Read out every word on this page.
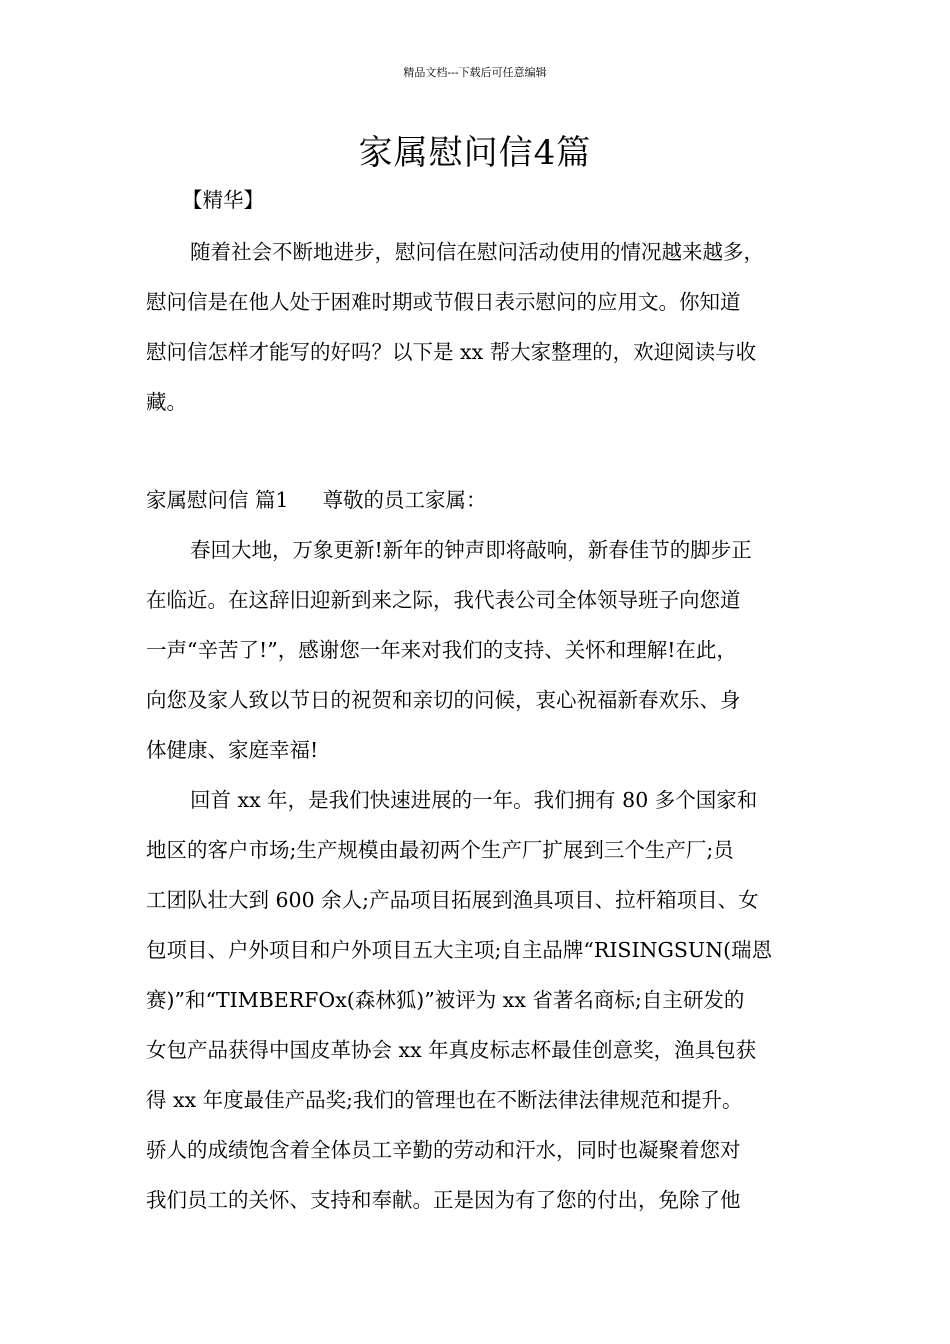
精品文档---下载后可任意编辑
家属慰问信4篇
【精华】
随着社会不断地进步，慰问信在慰问活动使用的情况越来越多，
慰问信是在他人处于困难时期或节假日表示慰问的应用文。你知道
慰问信怎样才能写的好吗？以下是 xx 帮大家整理的，欢迎阅读与收
藏。
家属慰问信 篇1 尊敬的员工家属：
春回大地，万象更新!新年的钟声即将敲响，新春佳节的脚步正
在临近。在这辞旧迎新到来之际，我代表公司全体领导班子向您道
一声“辛苦了!”，感谢您一年来对我们的支持、关怀和理解!在此，
向您及家人致以节日的祝贺和亲切的问候，衷心祝福新春欢乐、身
体健康、家庭幸福!
回首 xx 年，是我们快速进展的一年。我们拥有 80 多个国家和
地区的客户市场;生产规模由最初两个生产厂扩展到三个生产厂;员
工团队壮大到 600 余人;产品项目拓展到渔具项目、拉杆箱项目、女
包项目、户外项目和户外项目五大主项;自主品牌“RISINGSUN(瑞恩
赛)”和“TIMBERFOx(森林狐)”被评为 xx 省著名商标;自主研发的
女包产品获得中国皮革协会 xx 年真皮标志杯最佳创意奖，渔具包获
得 xx 年度最佳产品奖;我们的管理也在不断法律法律规范和提升。
骄人的成绩饱含着全体员工辛勤的劳动和汗水，同时也凝聚着您对
我们员工的关怀、支持和奉献。正是因为有了您的付出，免除了他
